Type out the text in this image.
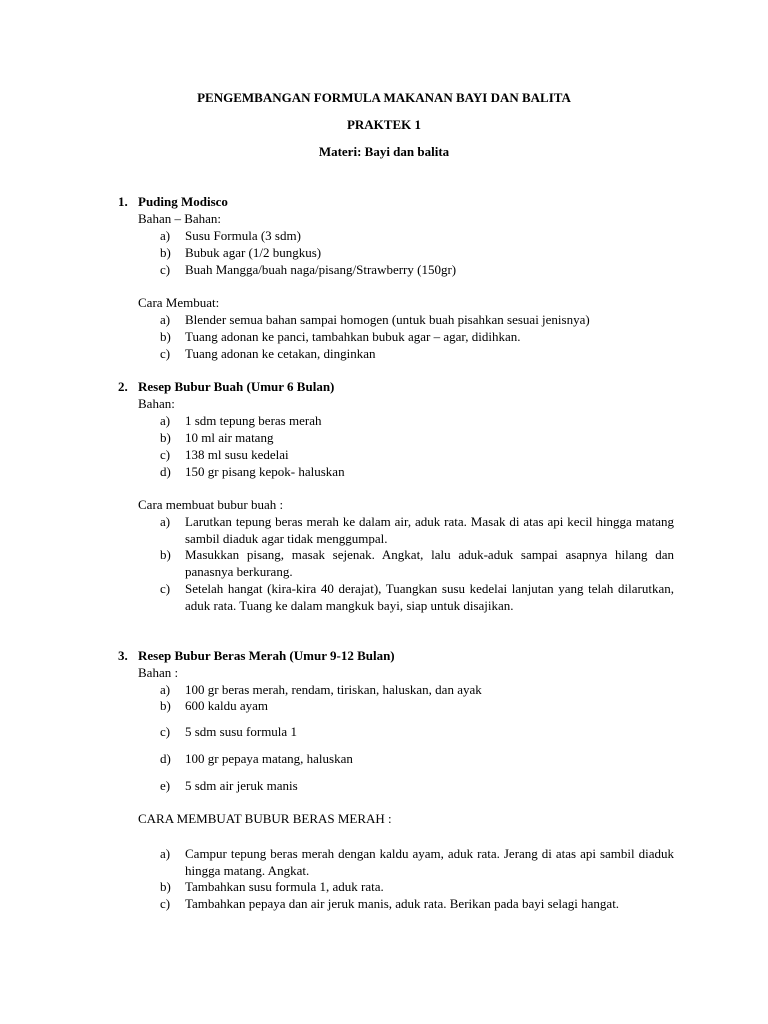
PENGEMBANGAN FORMULA MAKANAN BAYI DAN BALITA
PRAKTEK 1
Materi: Bayi dan balita
1. Puding Modisco
Bahan – Bahan:
a) Susu Formula (3 sdm)
b) Bubuk agar (1/2 bungkus)
c) Buah Mangga/buah naga/pisang/Strawberry (150gr)
Cara Membuat:
a) Blender semua bahan sampai homogen (untuk buah pisahkan sesuai jenisnya)
b) Tuang adonan ke panci, tambahkan bubuk agar – agar, didihkan.
c) Tuang adonan ke cetakan, dinginkan
2. Resep Bubur Buah (Umur 6 Bulan)
Bahan:
a) 1 sdm tepung beras merah
b) 10 ml air matang
c) 138 ml susu kedelai
d) 150 gr pisang kepok- haluskan
Cara membuat bubur buah :
a) Larutkan tepung beras merah ke dalam air, aduk rata. Masak di atas api kecil hingga matang sambil diaduk agar tidak menggumpal.
b) Masukkan pisang, masak sejenak. Angkat, lalu aduk-aduk sampai asapnya hilang dan panasnya berkurang.
c) Setelah hangat (kira-kira 40 derajat), Tuangkan susu kedelai lanjutan yang telah dilarutkan, aduk rata. Tuang ke dalam mangkuk bayi, siap untuk disajikan.
3. Resep Bubur Beras Merah (Umur 9-12 Bulan)
Bahan :
a) 100 gr beras merah, rendam, tiriskan, haluskan, dan ayak
b) 600 kaldu ayam
c) 5 sdm susu formula 1
d) 100 gr pepaya matang, haluskan
e) 5 sdm air jeruk manis
CARA MEMBUAT BUBUR BERAS MERAH :
a) Campur tepung beras merah dengan kaldu ayam, aduk rata. Jerang di atas api sambil diaduk hingga matang. Angkat.
b) Tambahkan susu formula 1, aduk rata.
c) Tambahkan pepaya dan air jeruk manis, aduk rata. Berikan pada bayi selagi hangat.
